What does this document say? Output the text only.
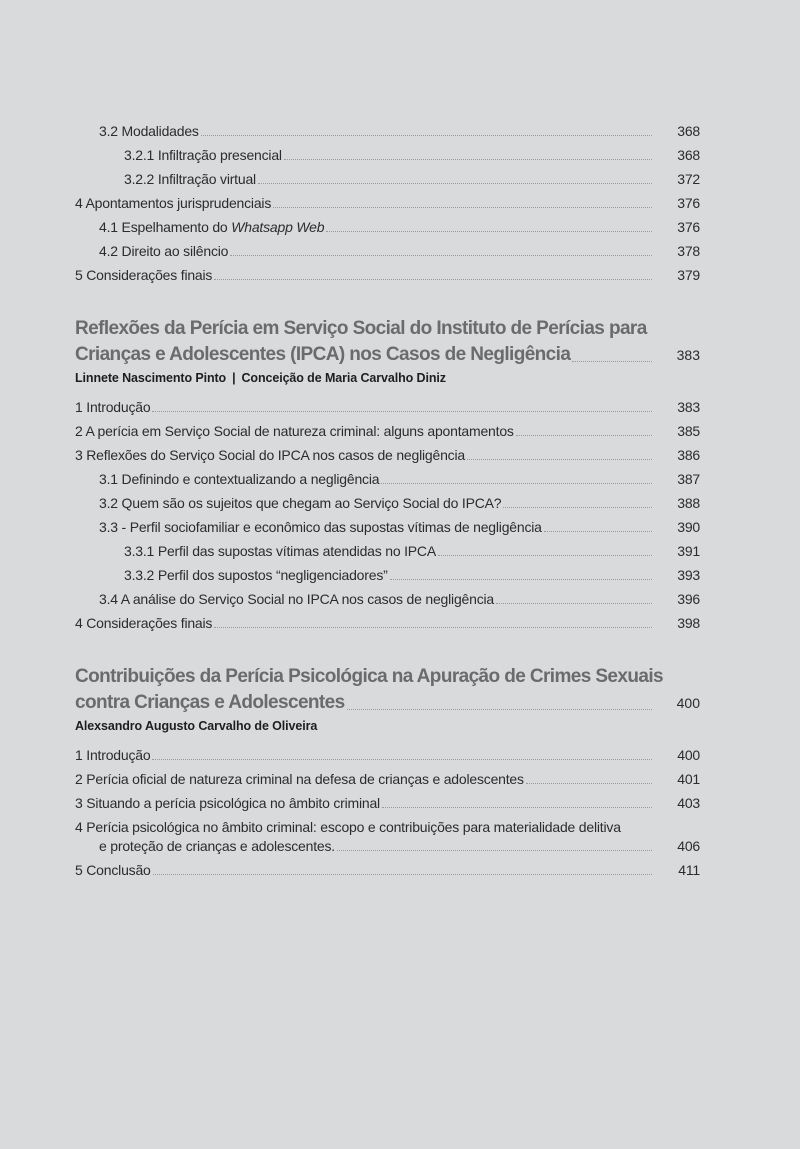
3.2 Modalidades	368
3.2.1 Infiltração presencial	368
3.2.2 Infiltração virtual	372
4 Apontamentos jurisprudenciais	376
4.1 Espelhamento do Whatsapp Web	376
4.2 Direito ao silêncio	378
5 Considerações finais	379
Reflexões da Perícia em Serviço Social do Instituto de Perícias para
Crianças e Adolescentes (IPCA) nos Casos de Negligência	383
Linnete Nascimento Pinto | Conceição de Maria Carvalho Diniz
1 Introdução	383
2 A perícia em Serviço Social de natureza criminal: alguns apontamentos	385
3 Reflexões do Serviço Social do IPCA nos casos de negligência	386
3.1 Definindo e contextualizando a negligência	387
3.2 Quem são os sujeitos que chegam ao Serviço Social do IPCA?	388
3.3 - Perfil sociofamiliar e econômico das supostas vítimas de negligência	390
3.3.1 Perfil das supostas vítimas atendidas no IPCA	391
3.3.2 Perfil dos supostos “negligenciadores”	393
3.4 A análise do Serviço Social no IPCA nos casos de negligência	396
4 Considerações finais	398
Contribuições da Perícia Psicológica na Apuração de Crimes Sexuais
contra Crianças e Adolescentes	400
Alexsandro Augusto Carvalho de Oliveira
1 Introdução	400
2 Perícia oficial de natureza criminal na defesa de crianças e adolescentes	401
3 Situando a perícia psicológica no âmbito criminal	403
4 Perícia psicológica no âmbito criminal: escopo e contribuições para materialidade delitiva
e proteção de crianças e adolescentes.	406
5 Conclusão	411
